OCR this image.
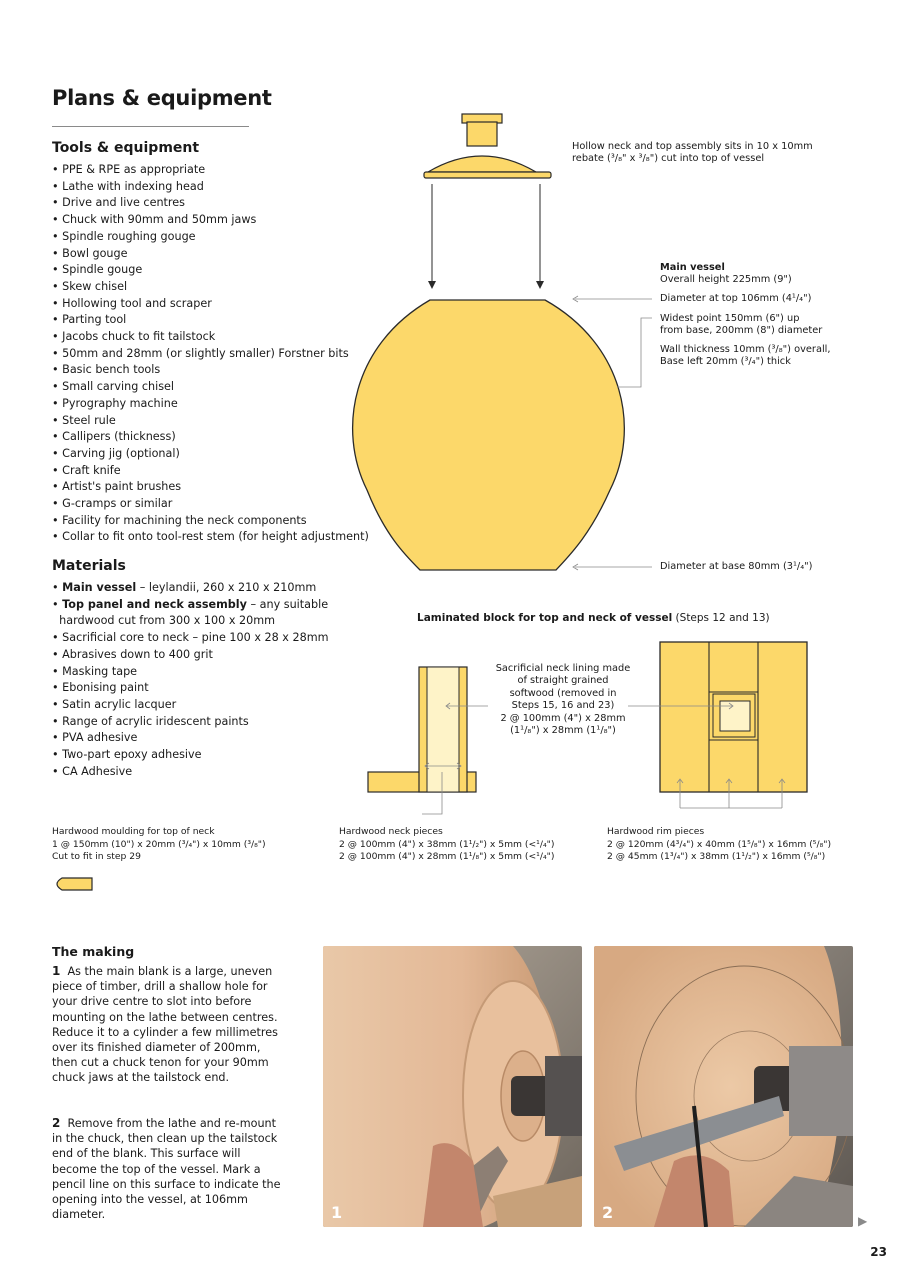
Plans & equipment
Tools & equipment
• PPE & RPE as appropriate
• Lathe with indexing head
• Drive and live centres
• Chuck with 90mm and 50mm jaws
• Spindle roughing gouge
• Bowl gouge
• Spindle gouge
• Skew chisel
• Hollowing tool and scraper
• Parting tool
• Jacobs chuck to fit tailstock
• 50mm and 28mm (or slightly smaller) Forstner bits
• Basic bench tools
• Small carving chisel
• Pyrography machine
• Steel rule
• Callipers (thickness)
• Carving jig (optional)
• Craft knife
• Artist's paint brushes
• G-cramps or similar
• Facility for machining the neck components
• Collar to fit onto tool-rest stem (for height adjustment)
Materials
• Main vessel – leylandii, 260 x 210 x 210mm
• Top panel and neck assembly – any suitable
hardwood cut from 300 x 100 x 20mm
• Sacrificial core to neck – pine 100 x 28 x 28mm
• Abrasives down to 400 grit
• Masking tape
• Ebonising paint
• Satin acrylic lacquer
• Range of acrylic iridescent paints
• PVA adhesive
• Two-part epoxy adhesive
• CA Adhesive
Hollow neck and top assembly sits in 10 x 10mm
rebate (³/₈" x ³/₈") cut into top of vessel
Main vessel
Overall height 225mm (9")
Diameter at top 106mm (4¹/₄")
Widest point 150mm (6") up
from base, 200mm (8") diameter
Wall thickness 10mm (³/₈") overall,
Base left 20mm (³/₄") thick
Diameter at base 80mm (3¹/₄")
Laminated block for top and neck of vessel (Steps 12 and 13)
Sacrificial neck lining made
of straight grained
softwood (removed in
Steps 15, 16 and 23)
2 @ 100mm (4") x 28mm
(1¹/₈") x 28mm (1¹/₈")
Hardwood moulding for top of neck
1 @ 150mm (10") x 20mm (³/₄") x 10mm (³/₈")
Cut to fit in step 29
Hardwood neck pieces
2 @ 100mm (4") x 38mm (1¹/₂") x 5mm (<¹/₄")
2 @ 100mm (4") x 28mm (1¹/₈") x 5mm (<¹/₄")
Hardwood rim pieces
2 @ 120mm (4³/₄") x 40mm (1⁵/₈") x 16mm (⁵/₈")
2 @ 45mm (1³/₄") x 38mm (1¹/₂") x 16mm (⁵/₈")
The making
1 As the main blank is a large, uneven piece of timber, drill a shallow hole for your drive centre to slot into before mounting on the lathe between centres. Reduce it to a cylinder a few millimetres over its finished diameter of 200mm, then cut a chuck tenon for your 90mm chuck jaws at the tailstock end.
2 Remove from the lathe and re-mount in the chuck, then clean up the tailstock end of the blank. This surface will become the top of the vessel. Mark a pencil line on this surface to indicate the opening into the vessel, at 106mm diameter.	1	2	▶
23
